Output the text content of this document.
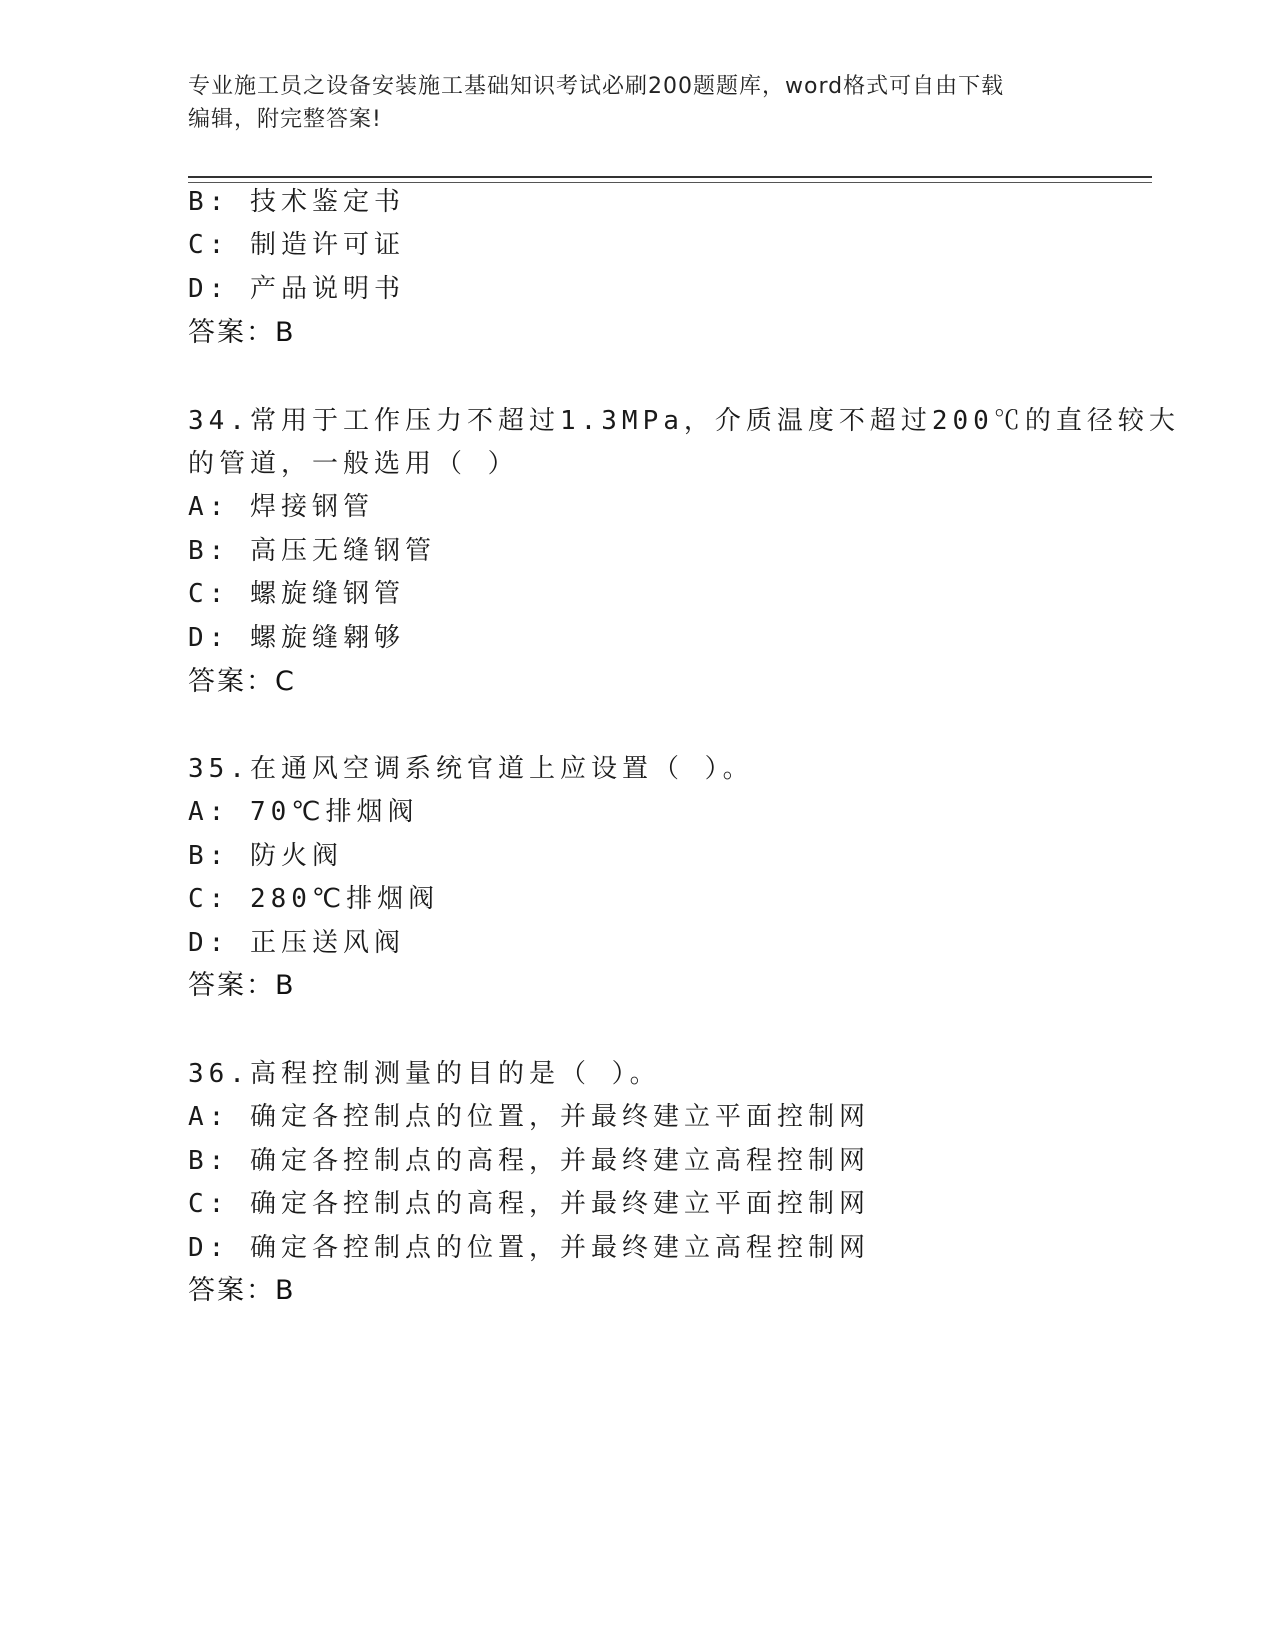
专业施工员之设备安装施工基础知识考试必刷200题题库，word格式可自由下载
编辑，附完整答案!
B: 技术鉴定书
C: 制造许可证
D: 产品说明书
答案：B
34.常用于工作压力不超过1.3MPa，介质温度不超过200℃的直径较大
的管道，一般选用（ ）
A: 焊接钢管
B: 高压无缝钢管
C: 螺旋缝钢管
D: 螺旋缝翱够
答案：C
35.在通风空调系统官道上应设置（ ）。
A: 70℃排烟阀
B: 防火阀
C: 280℃排烟阀
D: 正压送风阀
答案：B
36.高程控制测量的目的是（ ）。
A: 确定各控制点的位置，并最终建立平面控制网
B: 确定各控制点的高程，并最终建立高程控制网
C: 确定各控制点的高程，并最终建立平面控制网
D: 确定各控制点的位置，并最终建立高程控制网
答案：B
